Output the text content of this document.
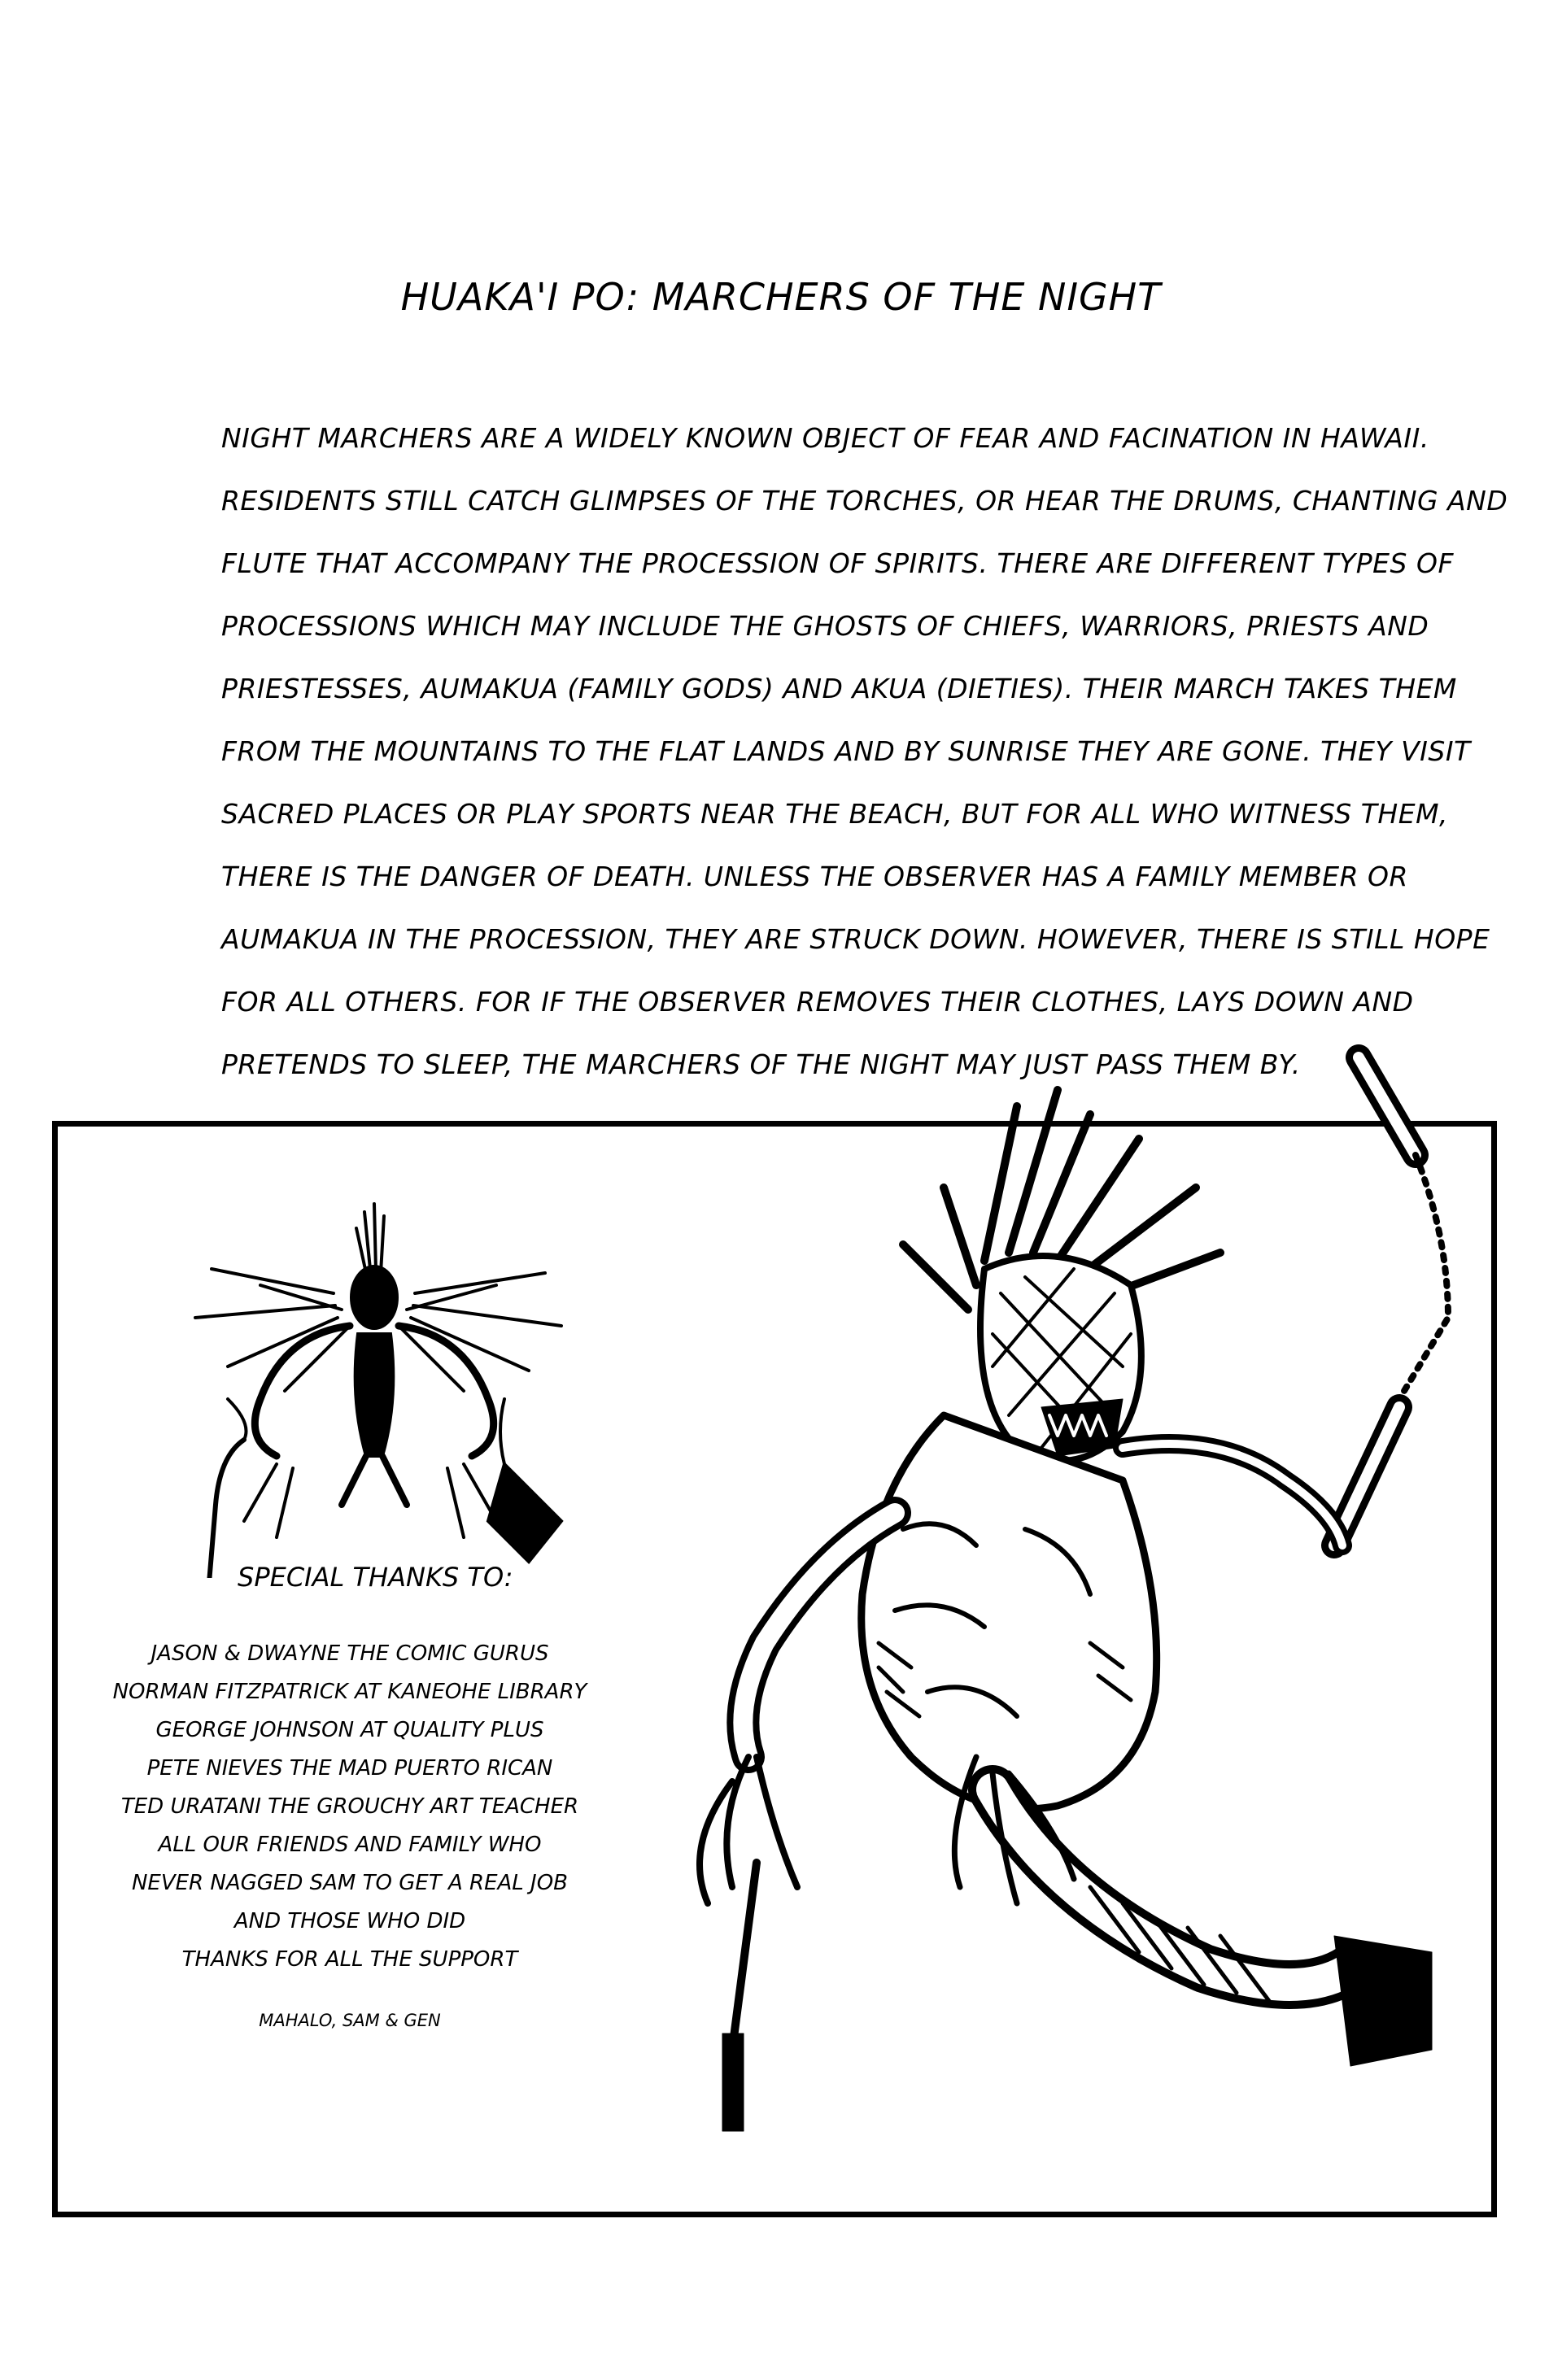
HUAKA'I PO: MARCHERS OF THE NIGHT
NIGHT MARCHERS ARE A WIDELY KNOWN OBJECT OF FEAR AND FACINATION IN HAWAII.
RESIDENTS STILL CATCH GLIMPSES OF THE TORCHES, OR HEAR THE DRUMS, CHANTING AND
FLUTE THAT ACCOMPANY THE PROCESSION OF SPIRITS. THERE ARE DIFFERENT TYPES OF
PROCESSIONS WHICH MAY INCLUDE THE GHOSTS OF CHIEFS, WARRIORS, PRIESTS AND
PRIESTESSES, AUMAKUA (FAMILY GODS) AND AKUA (DIETIES). THEIR MARCH TAKES THEM
FROM THE MOUNTAINS TO THE FLAT LANDS AND BY SUNRISE THEY ARE GONE. THEY VISIT
SACRED PLACES OR PLAY SPORTS NEAR THE BEACH, BUT FOR ALL WHO WITNESS THEM,
THERE IS THE DANGER OF DEATH. UNLESS THE OBSERVER HAS A FAMILY MEMBER OR
AUMAKUA IN THE PROCESSION, THEY ARE STRUCK DOWN. HOWEVER, THERE IS STILL HOPE
FOR ALL OTHERS. FOR IF THE OBSERVER REMOVES THEIR CLOTHES, LAYS DOWN AND
PRETENDS TO SLEEP, THE MARCHERS OF THE NIGHT MAY JUST PASS THEM BY.
SPECIAL THANKS TO:
JASON & DWAYNE THE COMIC GURUS
NORMAN FITZPATRICK AT KANEOHE LIBRARY
GEORGE JOHNSON AT QUALITY PLUS
PETE NIEVES THE MAD PUERTO RICAN
TED URATANI THE GROUCHY ART TEACHER
ALL OUR FRIENDS AND FAMILY WHO
NEVER NAGGED SAM TO GET A REAL JOB
AND THOSE WHO DID
THANKS FOR ALL THE SUPPORT
MAHALO, SAM & GEN
